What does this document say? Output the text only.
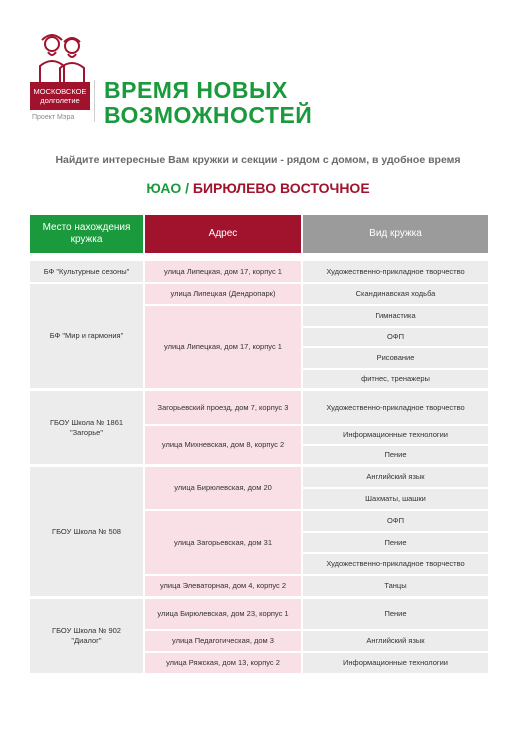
МОСКОВСКОЕ
долголетие
Проект Мэра
ВРЕМЯ НОВЫХ
ВОЗМОЖНОСТЕЙ
Найдите интересные Вам кружки и секции - рядом с домом, в удобное время
ЮАО / БИРЮЛЕВО ВОСТОЧНОЕ
Место нахождения кружка
Адрес	Вид кружка
БФ "Культурные сезоны"
БФ "Мир и гармония"
ГБОУ Школа № 1861 "Загорье"
ГБОУ Школа № 508
ГБОУ Школа № 902 "Диалог"
улица Липецкая, дом 17, корпус 1
улица Липецкая (Дендропарк)
улица Липецкая, дом 17, корпус 1
Загорьевский проезд, дом 7, корпус 3
улица Михневская, дом 8, корпус 2
улица Бирюлевская, дом 20
улица Загорьевская, дом 31
улица Элеваторная, дом 4, корпус 2
улица Бирюлевская, дом 23, корпус 1
улица Педагогическая, дом 3
улица Ряжская, дом 13, корпус 2
Художественно-прикладное творчество
Скандинавская ходьба
Гимнастика
ОФП
Рисование
фитнес, тренажеры
Художественно-прикладное творчество
Информационные технологии
Пение
Английский язык
Шахматы, шашки
ОФП
Пение
Художественно-прикладное творчество
Танцы
Пение
Английский язык
Информационные технологии
